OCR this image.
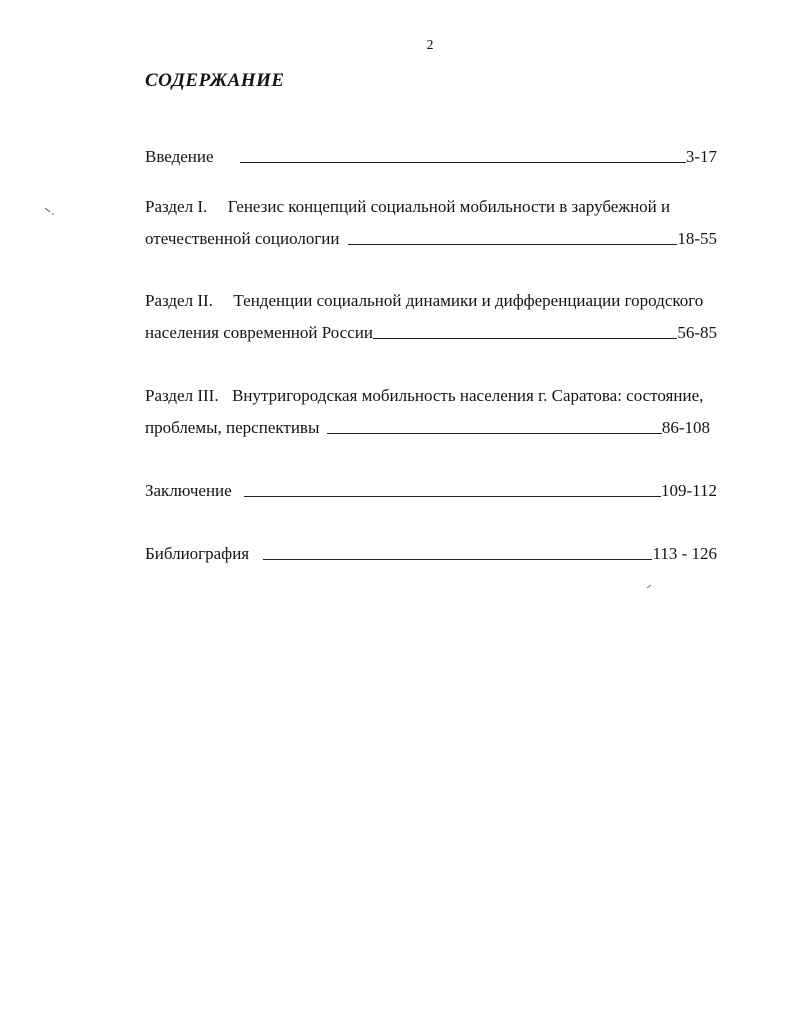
2
СОДЕРЖАНИЕ
Введение	3-17
Раздел I. Генезис концепций социальной мобильности в зарубежной и
отечественной социологии	18-55
Раздел II. Тенденции социальной динамики и дифференциации городского
населения современной России	56-85
Раздел III. Внутригородская мобильность населения г. Саратова: состояние,
проблемы, перспективы	86-108
Заключение	109-112
Библиография	113 - 126
